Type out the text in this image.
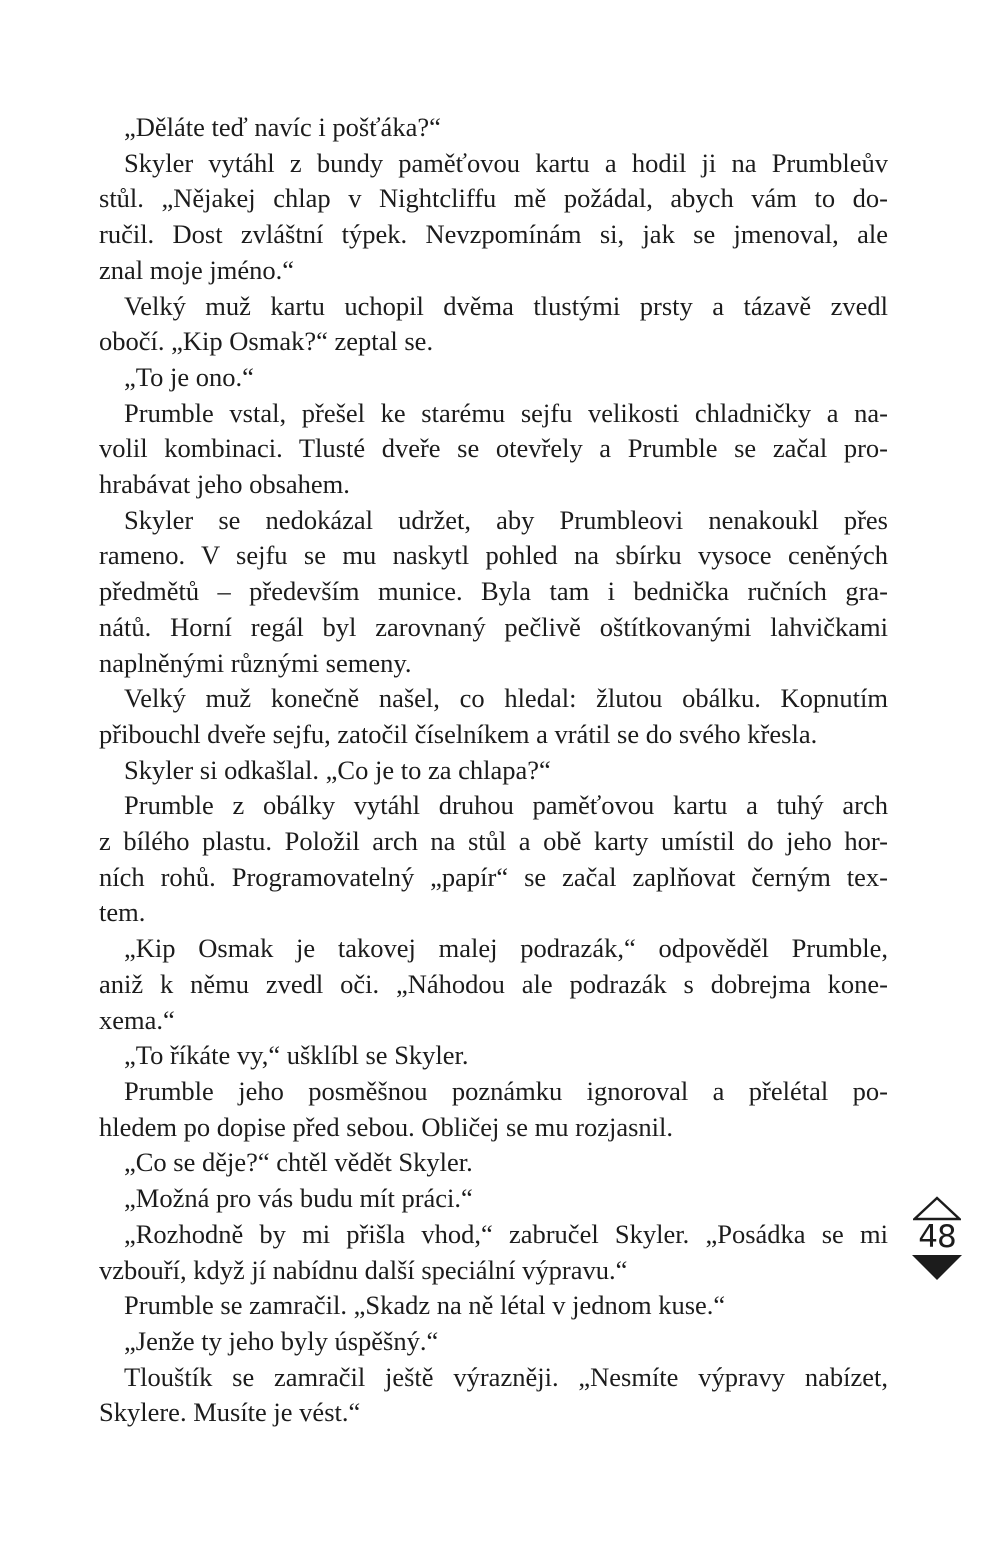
„Děláte teď navíc i pošťáka?“
Skyler vytáhl z bundy paměťovou kartu a hodil ji na Prumbleův
stůl. „Nějakej chlap v Nightcliffu mě požádal, abych vám to do-
ručil. Dost zvláštní týpek. Nevzpomínám si, jak se jmenoval, ale
znal moje jméno.“
Velký muž kartu uchopil dvěma tlustými prsty a tázavě zvedl
obočí. „Kip Osmak?“ zeptal se.
„To je ono.“
Prumble vstal, přešel ke starému sejfu velikosti chladničky a na-
volil kombinaci. Tlusté dveře se otevřely a Prumble se začal pro-
hrabávat jeho obsahem.
Skyler se nedokázal udržet, aby Prumbleovi nenakoukl přes
rameno. V sejfu se mu naskytl pohled na sbírku vysoce ceněných
předmětů – především munice. Byla tam i bednička ručních gra-
nátů. Horní regál byl zarovnaný pečlivě oštítkovanými lahvičkami
naplněnými různými semeny.
Velký muž konečně našel, co hledal: žlutou obálku. Kopnutím
přibouchl dveře sejfu, zatočil číselníkem a vrátil se do svého křesla.
Skyler si odkašlal. „Co je to za chlapa?“
Prumble z obálky vytáhl druhou paměťovou kartu a tuhý arch
z bílého plastu. Položil arch na stůl a obě karty umístil do jeho hor-
ních rohů. Programovatelný „papír“ se začal zaplňovat černým tex-
tem.
„Kip Osmak je takovej malej podrazák,“ odpověděl Prumble,
aniž k němu zvedl oči. „Náhodou ale podrazák s dobrejma kone-
xema.“
„To říkáte vy,“ ušklíbl se Skyler.
Prumble jeho posměšnou poznámku ignoroval a přelétal po-
hledem po dopise před sebou. Obličej se mu rozjasnil.
„Co se děje?“ chtěl vědět Skyler.
„Možná pro vás budu mít práci.“
„Rozhodně by mi přišla vhod,“ zabručel Skyler. „Posádka se mi
vzbouří, když jí nabídnu další speciální výpravu.“
Prumble se zamračil. „Skadz na ně létal v jednom kuse.“
„Jenže ty jeho byly úspěšný.“
Tlouštík se zamračil ještě výrazněji. „Nesmíte výpravy nabízet,
Skylere. Musíte je vést.“
48
